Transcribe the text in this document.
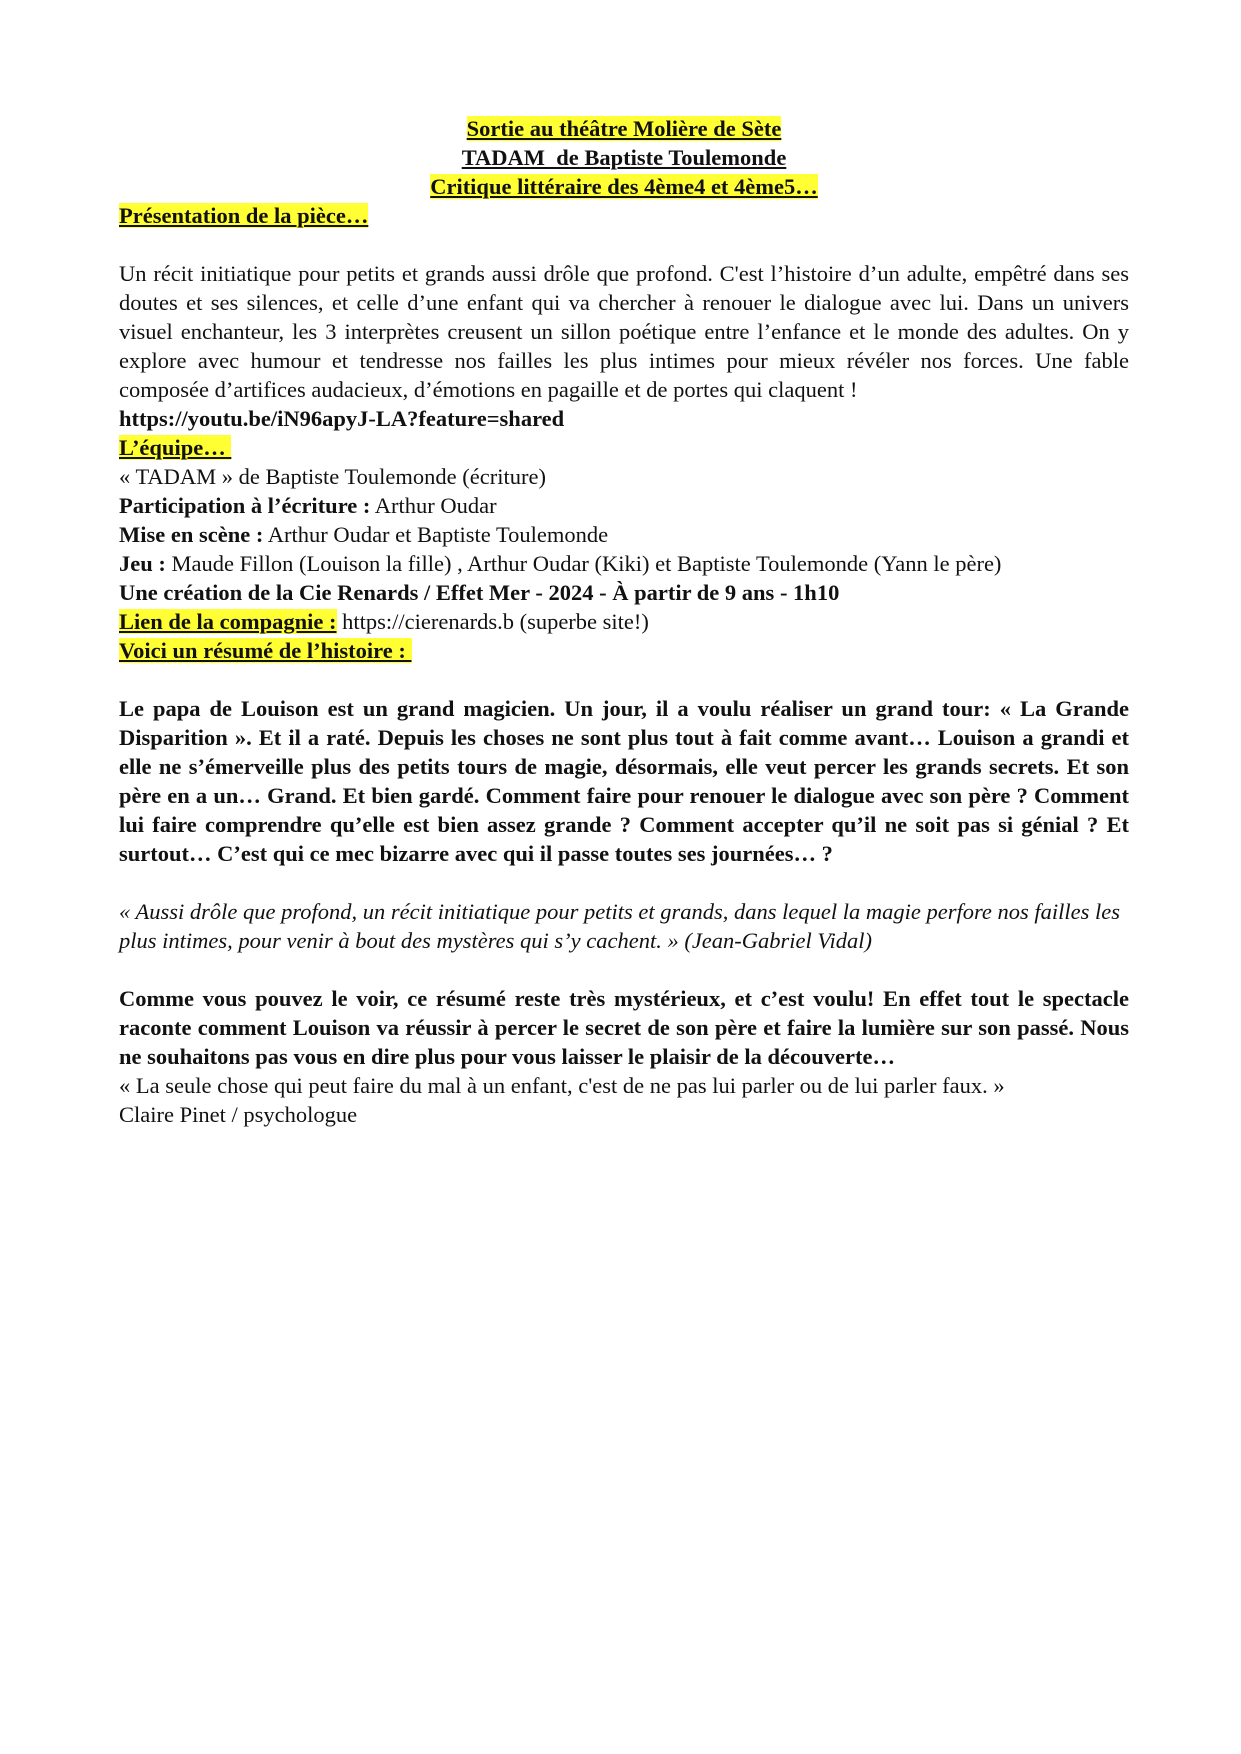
Sortie au théâtre Molière de Sète
TADAM  de Baptiste Toulemonde
Critique littéraire des 4ème4 et 4ème5…
Présentation de la pièce…

Un récit initiatique pour petits et grands aussi drôle que profond. C'est l’histoire d’un adulte, empêtré dans ses doutes et ses silences, et celle d’une enfant qui va chercher à renouer le dialogue avec lui. Dans un univers visuel enchanteur, les 3 interprètes creusent un sillon poétique entre l’enfance et le monde des adultes. On y explore avec humour et tendresse nos failles les plus intimes pour mieux révéler nos forces. Une fable composée d’artifices audacieux, d’émotions en pagaille et de portes qui claquent !

https://youtu.be/iN96apyJ-LA?feature=shared
L’équipe…
« TADAM » de Baptiste Toulemonde (écriture)
Participation à l’écriture : Arthur Oudar
Mise en scène : Arthur Oudar et Baptiste Toulemonde
Jeu : Maude Fillon (Louison la fille) , Arthur Oudar (Kiki) et Baptiste Toulemonde (Yann le père)
Une création de la Cie Renards / Effet Mer - 2024 - À partir de 9 ans - 1h10
Lien de la compagnie : https://cierenards.b (superbe site!)
Voici un résumé de l’histoire :

Le papa de Louison est un grand magicien. Un jour, il a voulu réaliser un grand tour: « La Grande Disparition ». Et il a raté. Depuis les choses ne sont plus tout à fait comme avant… Louison a grandi et elle ne s’émerveille plus des petits tours de magie, désormais, elle veut percer les grands secrets. Et son père en a un… Grand. Et bien gardé. Comment faire pour renouer le dialogue avec son père ? Comment lui faire comprendre qu’elle est bien assez grande ? Comment accepter qu’il ne soit pas si génial ? Et surtout… C’est qui ce mec bizarre avec qui il passe toutes ses journées… ?

« Aussi drôle que profond, un récit initiatique pour petits et grands, dans lequel la magie perfore nos failles les plus intimes, pour venir à bout des mystères qui s’y cachent. » (Jean-Gabriel Vidal)

Comme vous pouvez le voir, ce résumé reste très mystérieux, et c’est voulu! En effet tout le spectacle raconte comment Louison va réussir à percer le secret de son père et faire la lumière sur son passé. Nous ne souhaitons pas vous en dire plus pour vous laisser le plaisir de la découverte…

« La seule chose qui peut faire du mal à un enfant, c'est de ne pas lui parler ou de lui parler faux. »
Claire Pinet / psychologue
